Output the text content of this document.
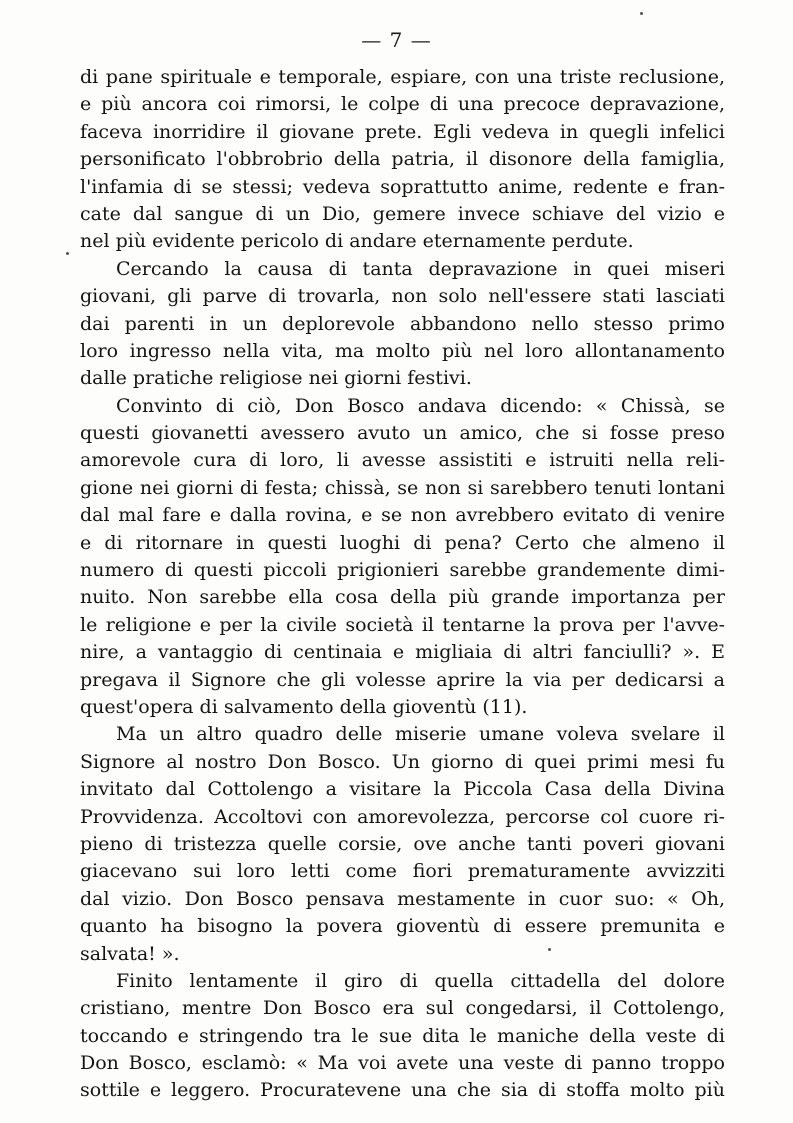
— 7 —
di pane spirituale e temporale, espiare, con una triste reclusione,
e più ancora coi rimorsi, le colpe di una precoce depravazione,
faceva inorridire il giovane prete. Egli vedeva in quegli infelici
personificato l'obbrobrio della patria, il disonore della famiglia,
l'infamia di se stessi; vedeva soprattutto anime, redente e fran-
cate dal sangue di un Dio, gemere invece schiave del vizio e
nel più evidente pericolo di andare eternamente perdute.
Cercando la causa di tanta depravazione in quei miseri
giovani, gli parve di trovarla, non solo nell'essere stati lasciati
dai parenti in un deplorevole abbandono nello stesso primo
loro ingresso nella vita, ma molto più nel loro allontanamento
dalle pratiche religiose nei giorni festivi.
Convinto di ciò, Don Bosco andava dicendo: « Chissà, se
questi giovanetti avessero avuto un amico, che si fosse preso
amorevole cura di loro, li avesse assistiti e istruiti nella reli-
gione nei giorni di festa; chissà, se non si sarebbero tenuti lontani
dal mal fare e dalla rovina, e se non avrebbero evitato di venire
e di ritornare in questi luoghi di pena? Certo che almeno il
numero di questi piccoli prigionieri sarebbe grandemente dimi-
nuito. Non sarebbe ella cosa della più grande importanza per
le religione e per la civile società il tentarne la prova per l'avve-
nire, a vantaggio di centinaia e migliaia di altri fanciulli? ». E
pregava il Signore che gli volesse aprire la via per dedicarsi a
quest'opera di salvamento della gioventù (11).
Ma un altro quadro delle miserie umane voleva svelare il
Signore al nostro Don Bosco. Un giorno di quei primi mesi fu
invitato dal Cottolengo a visitare la Piccola Casa della Divina
Provvidenza. Accoltovi con amorevolezza, percorse col cuore ri-
pieno di tristezza quelle corsie, ove anche tanti poveri giovani
giacevano sui loro letti come fiori prematuramente avvizziti
dal vizio. Don Bosco pensava mestamente in cuor suo: « Oh,
quanto ha bisogno la povera gioventù di essere premunita e
salvata! ».
Finito lentamente il giro di quella cittadella del dolore
cristiano, mentre Don Bosco era sul congedarsi, il Cottolengo,
toccando e stringendo tra le sue dita le maniche della veste di
Don Bosco, esclamò: « Ma voi avete una veste di panno troppo
sottile e leggero. Procuratevene una che sia di stoffa molto più
